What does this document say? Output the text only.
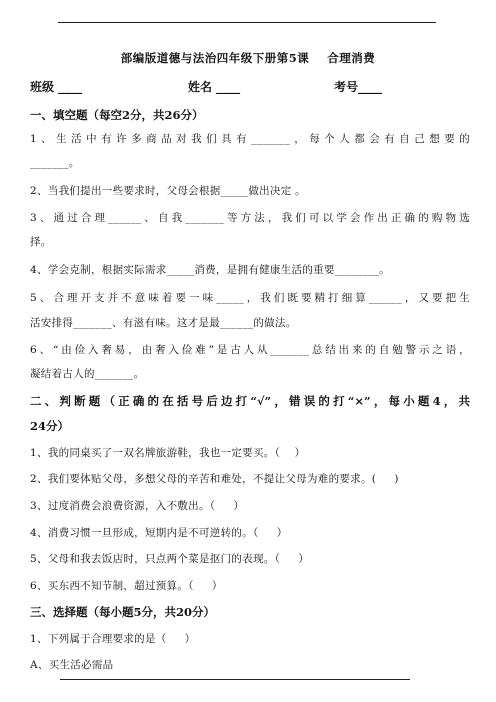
部编版道德与法治四年级下册第5课    合理消费
班级 ____	姓名 ____	考号____
一、填空题（每空2分，共26分）
1、生活中有许多商品对我们具有_______，每个人都会有自己想要的
_______。
2、当我们提出一些要求时，父母会根据_____做出决定 。
3、通过合理______、自我_______等方法，我们可以学会作出正确的购物选
择。
4、学会克制，根据实际需求_____消费，是拥有健康生活的重要________。
5、合理开支并不意味着要一味_____，我们既要精打细算______，又要把生
活安排得_______、有滋有味。这才是最______的做法。
6、“由俭入奢易，由奢入俭难”是古人从_______总结出来的自勉警示之语，
凝结着古人的_______。
二、判断题（正确的在括号后边打“√”，错误的打“×”，每小题4，共
24分）
1、我的同桌买了一双名牌旅游鞋，我也一定要买。（    ）
2、我们要体贴父母，多想父母的辛苦和难处，不提让父母为难的要求。(     )
3、过度消费会浪费资源，入不敷出。（     ）
4、消费习惯一旦形成，短期内是不可逆转的。（     ）
5、父母和我去饭店时，只点两个菜是抠门的表现。（     ）
6、买东西不知节制，超过预算。（     ）
三、选择题（每小题5分，共20分）
1、下列属于合理要求的是（     ）
A、买生活必需品
